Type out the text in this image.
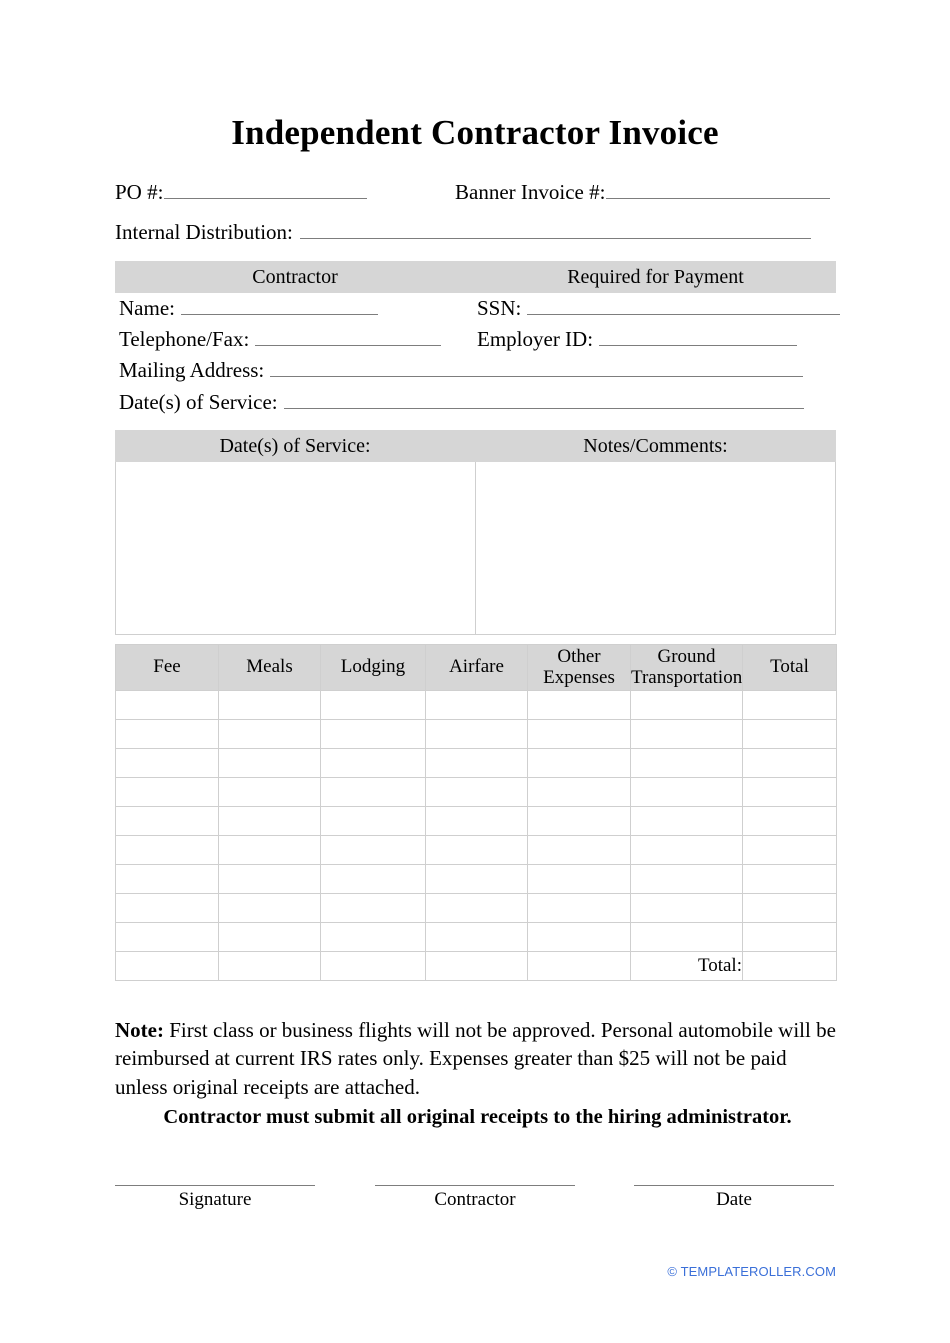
Independent Contractor Invoice
PO #:	Banner Invoice #:
Internal Distribution:
Contractor	Required for Payment
Name:	SSN:
Telephone/Fax:	Employer ID:
Mailing Address:
Date(s) of Service:
Date(s) of Service:	Notes/Comments:
Fee	Meals	Lodging	Airfare	Other Expenses	Ground Transportation	Total

					Total:	
Note: First class or business flights will not be approved. Personal automobile will be reimbursed at current IRS rates only. Expenses greater than $25 will not be paid unless original receipts are attached.
Contractor must submit all original receipts to the hiring administrator.
Signature	Contractor	Date
© TEMPLATEROLLER.COM
